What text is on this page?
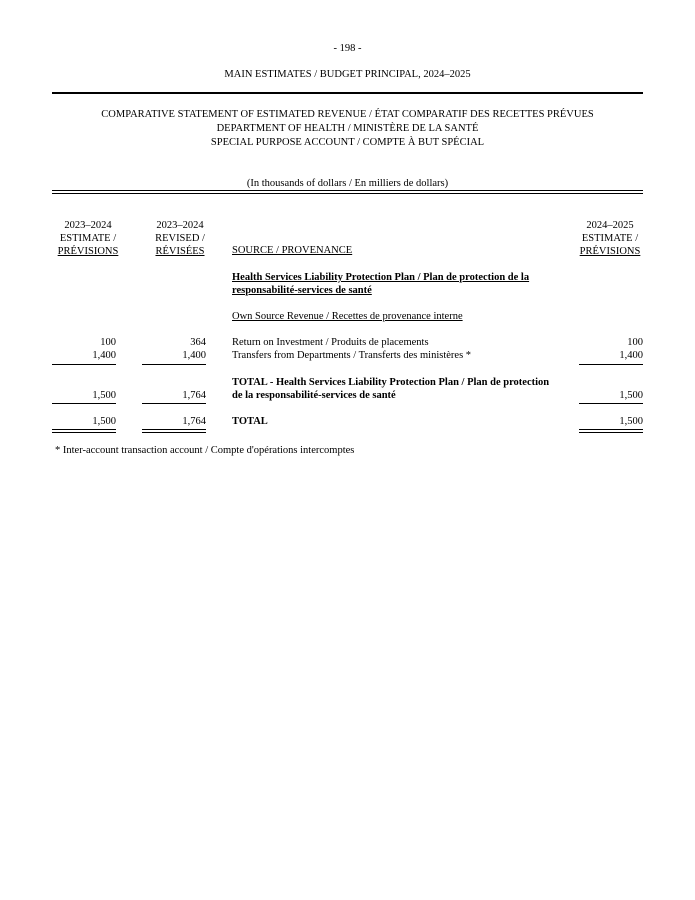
- 198 -
MAIN ESTIMATES / BUDGET PRINCIPAL, 2024–2025
COMPARATIVE STATEMENT OF ESTIMATED REVENUE / ÉTAT COMPARATIF DES RECETTES PRÉVUES
DEPARTMENT OF HEALTH / MINISTÈRE DE LA SANTÉ
SPECIAL PURPOSE ACCOUNT / COMPTE À BUT SPÉCIAL
(In thousands of dollars / En milliers de dollars)
2023–2024
ESTIMATE /
PRÉVISIONS
2023–2024
REVISED /
RÉVISÉES	SOURCE / PROVENANCE
2024–2025
ESTIMATE /
PRÉVISIONS
Health Services Liability Protection Plan / Plan de protection de la
responsabilité-services de santé
Own Source Revenue / Recettes de provenance interne
100	364 Return on Investment / Produits de placements	100
1,400	1,400 Transfers from Departments / Transferts des ministères *	1,400
TOTAL - Health Services Liability Protection Plan / Plan de protection
de la responsabilité-services de santé
1,500	1,764	1,500
1,500	1,764 TOTAL	1,500
* Inter-account transaction account / Compte d'opérations intercomptes
